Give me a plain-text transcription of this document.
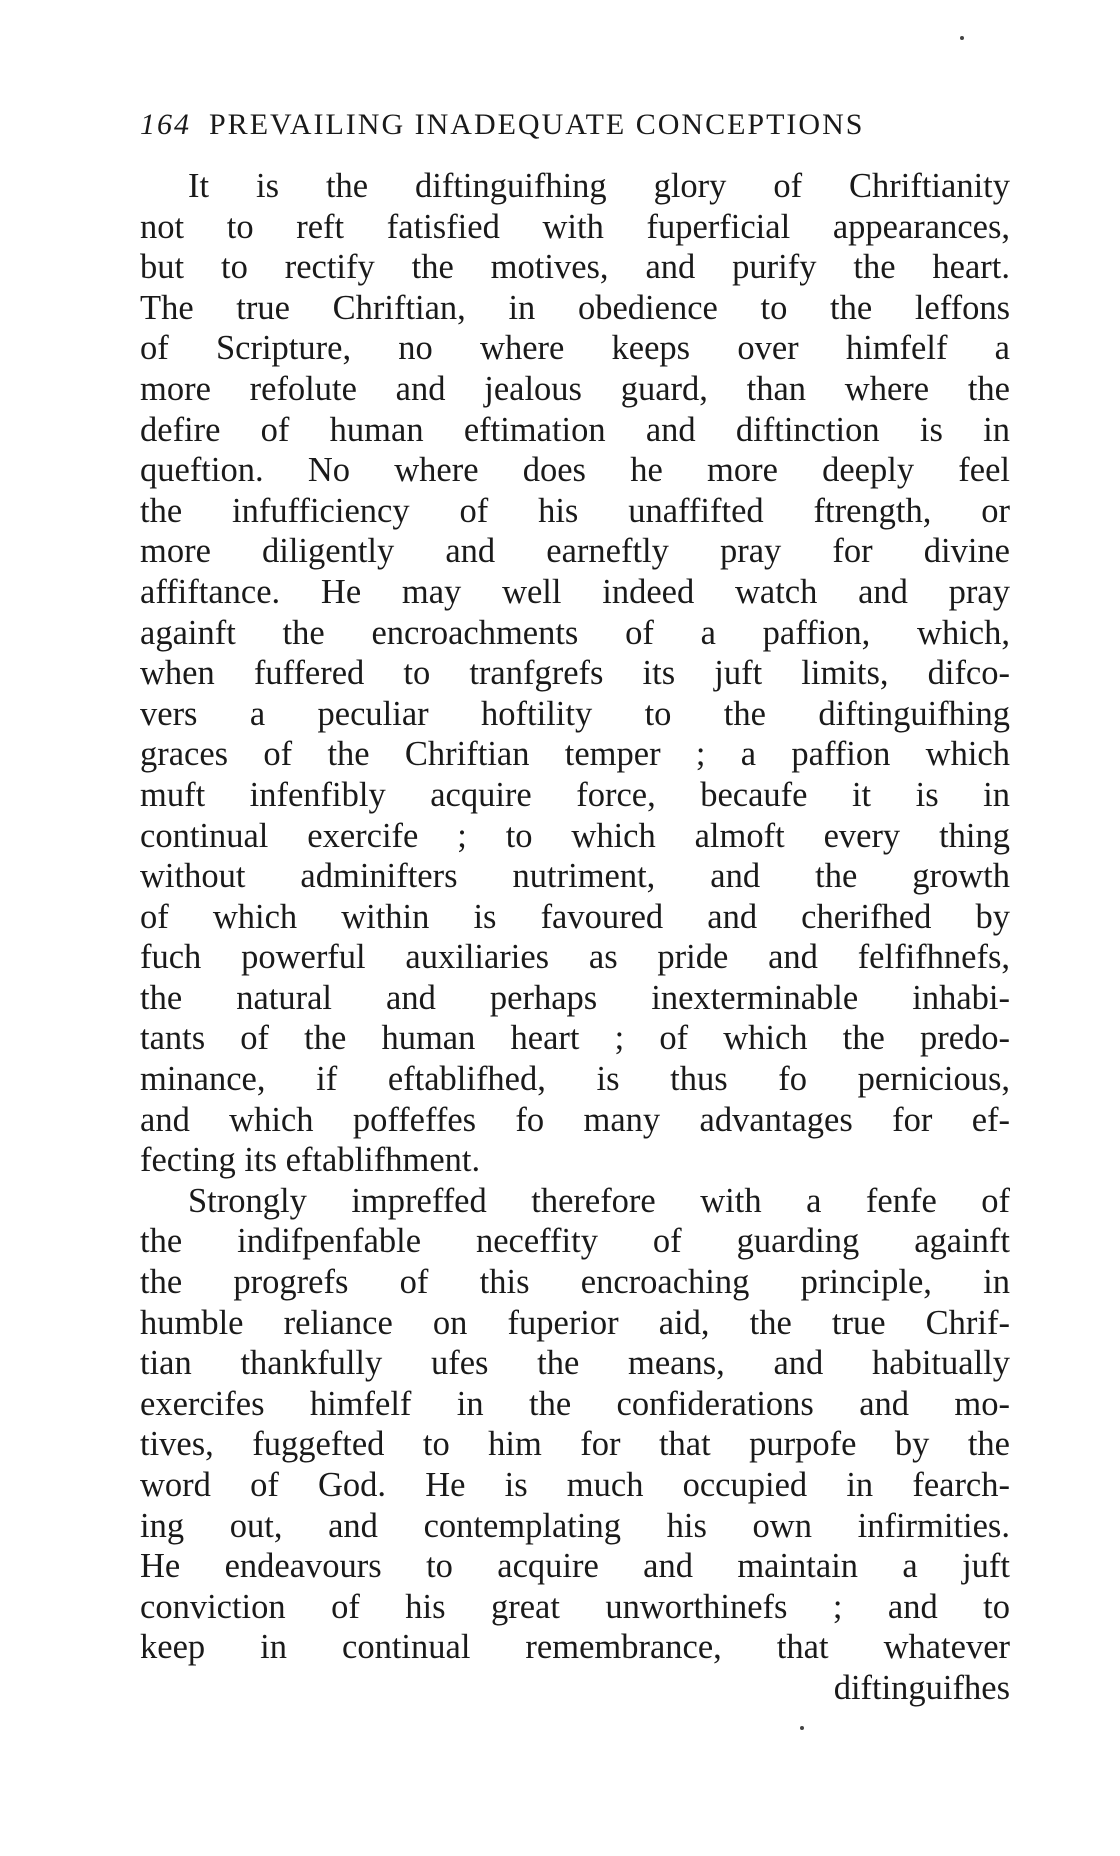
164 PREVAILING INADEQUATE CONCEPTIONS
It is the diftinguifhing glory of Chriftianity
not to reft fatisfied with fuperficial appearances,
but to rectify the motives, and purify the heart.
The true Chriftian, in obedience to the leffons
of Scripture, no where keeps over himfelf a
more refolute and jealous guard, than where the
defire of human eftimation and diftinction is in
queftion. No where does he more deeply feel
the infufficiency of his unaffifted ftrength, or
more diligently and earneftly pray for divine
affiftance. He may well indeed watch and pray
againft the encroachments of a paffion, which,
when fuffered to tranfgrefs its juft limits, difco-
vers a peculiar hoftility to the diftinguifhing
graces of the Chriftian temper ; a paffion which
muft infenfibly acquire force, becaufe it is in
continual exercife ; to which almoft every thing
without adminifters nutriment, and the growth
of which within is favoured and cherifhed by
fuch powerful auxiliaries as pride and felfifhnefs,
the natural and perhaps inexterminable inhabi-
tants of the human heart ; of which the predo-
minance, if eftablifhed, is thus fo pernicious,
and which poffeffes fo many advantages for ef-
fecting its eftablifhment.
Strongly impreffed therefore with a fenfe of
the indifpenfable neceffity of guarding againft
the progrefs of this encroaching principle, in
humble reliance on fuperior aid, the true Chrif-
tian thankfully ufes the means, and habitually
exercifes himfelf in the confiderations and mo-
tives, fuggefted to him for that purpofe by the
word of God. He is much occupied in fearch-
ing out, and contemplating his own infirmities.
He endeavours to acquire and maintain a juft
conviction of his great unworthinefs ; and to
keep in continual remembrance, that whatever
diftinguifhes
